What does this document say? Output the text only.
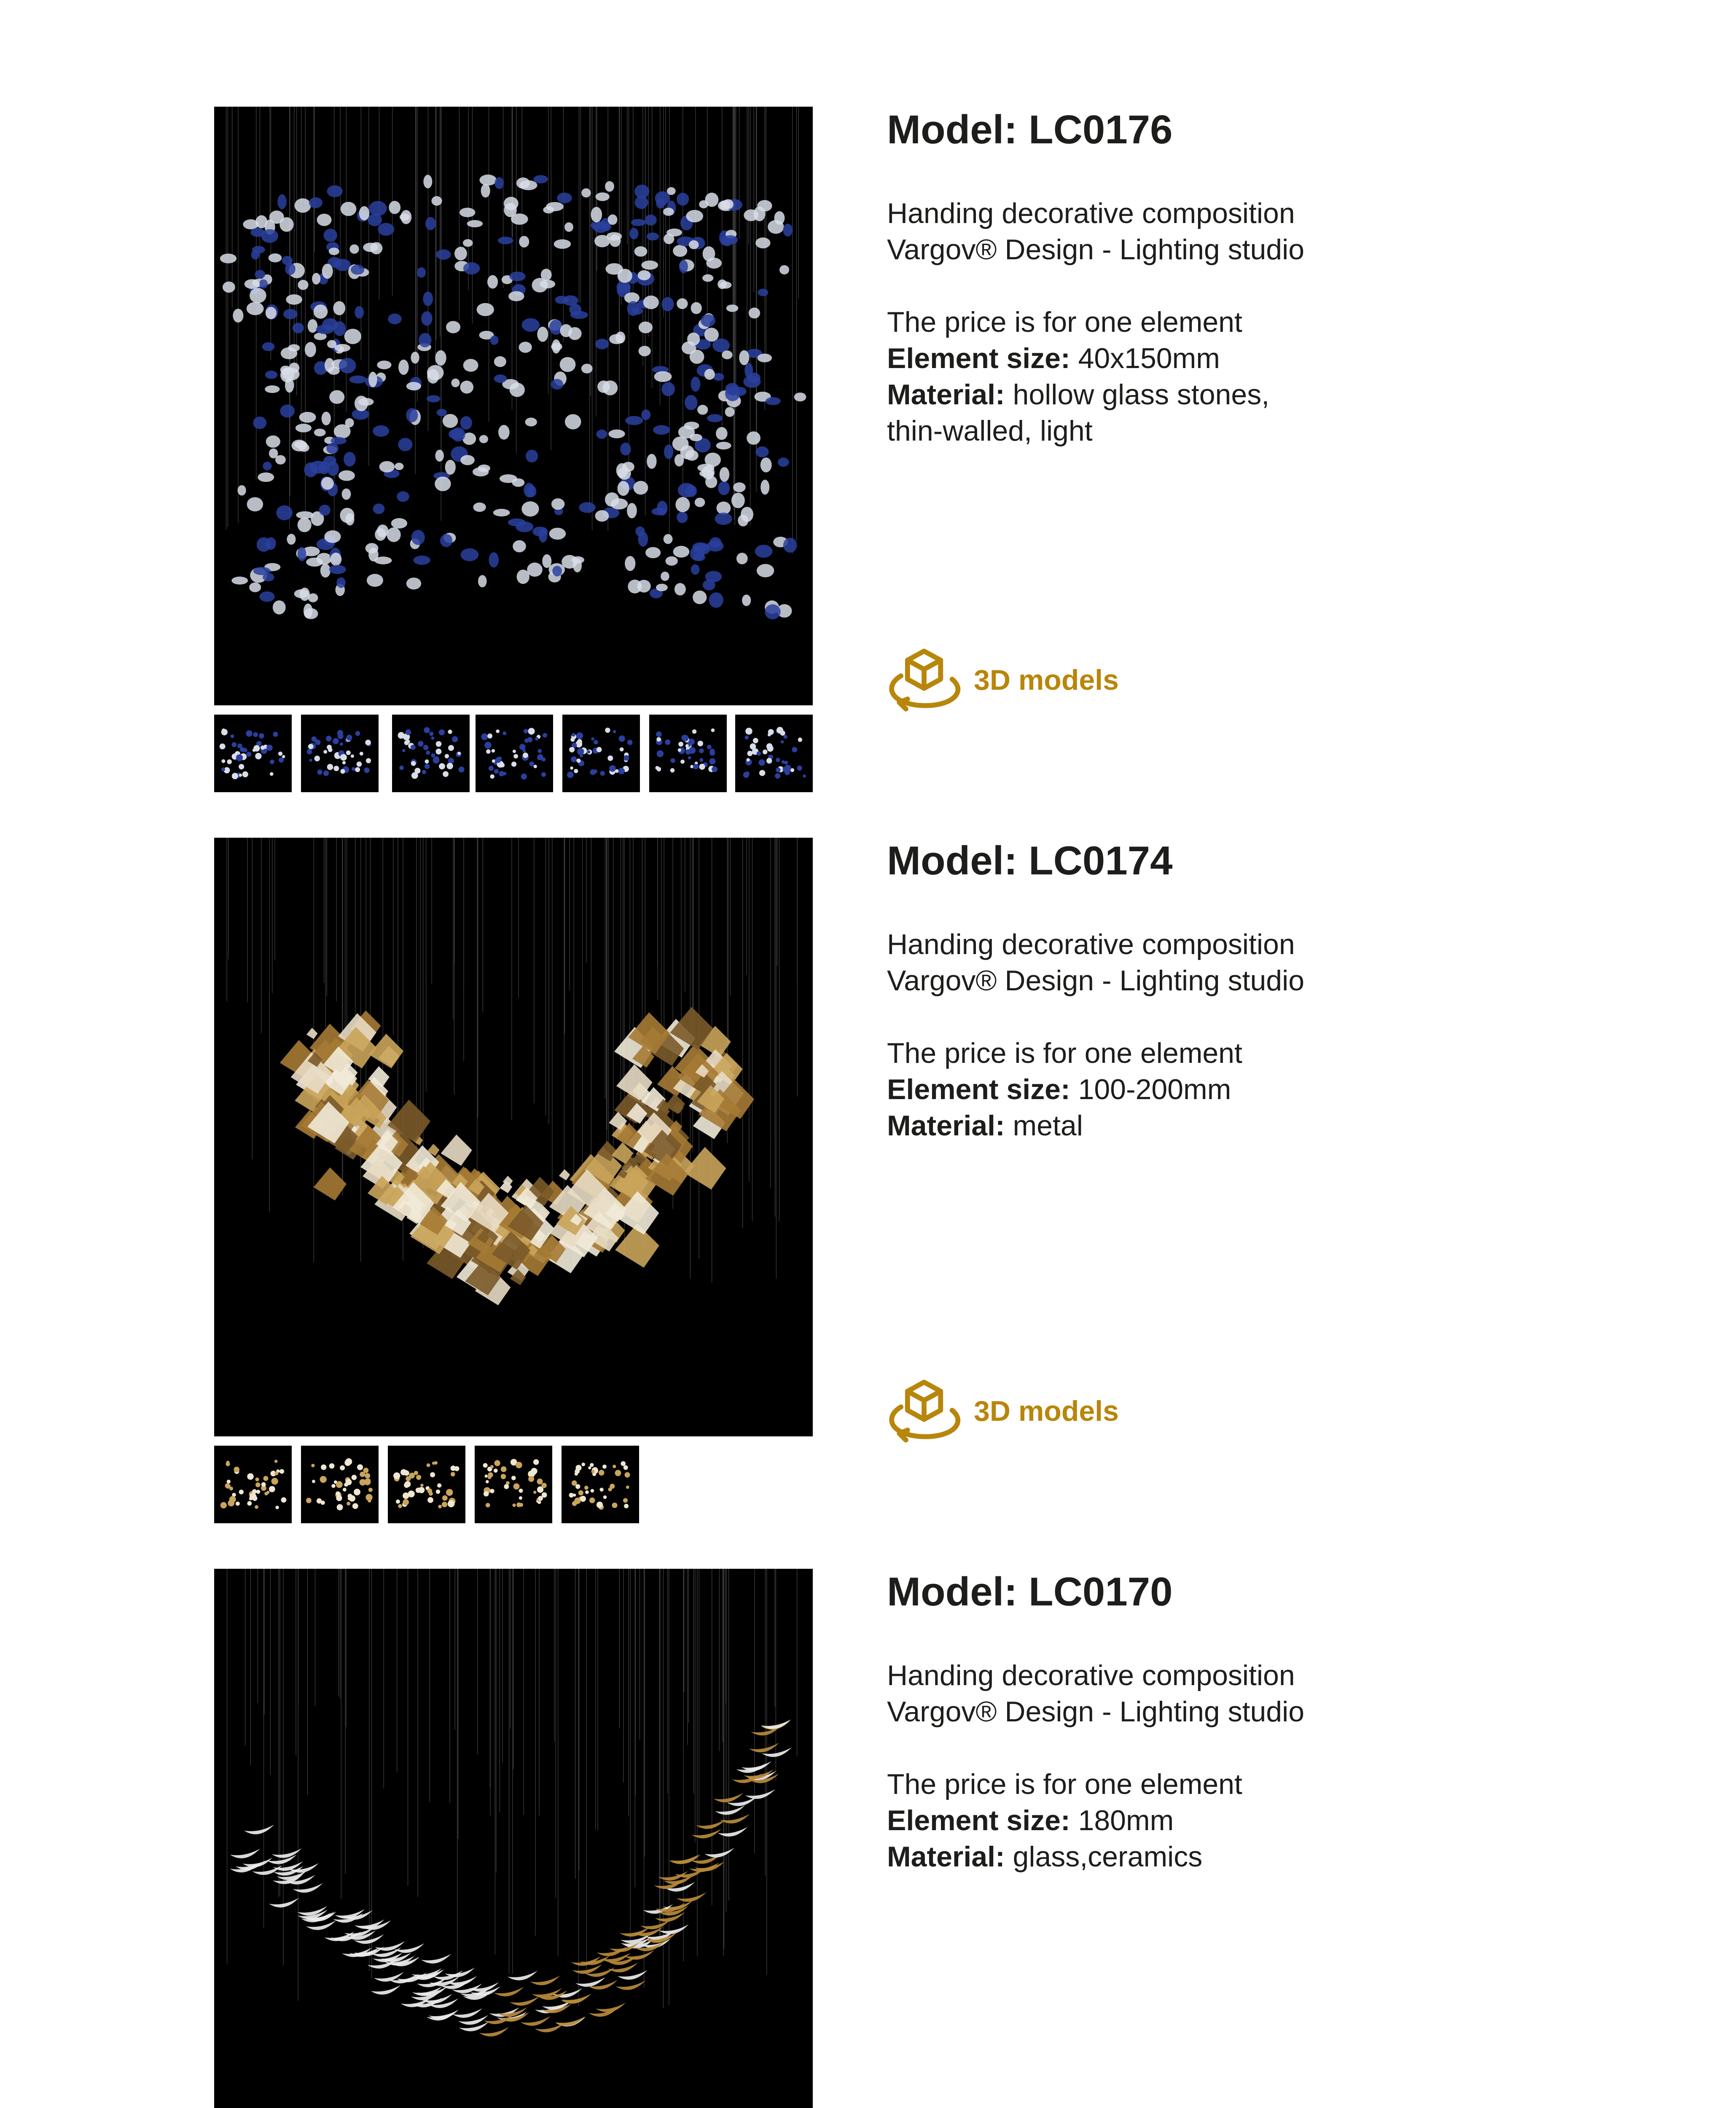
Model: LC0176
Handing decorative composition
Vargov® Design - Lighting studio
The price is for one element
Element size: 40x150mm
Material: hollow glass stones,
thin-walled, light
3D models
Model: LC0174
Handing decorative composition
Vargov® Design - Lighting studio
The price is for one element
Element size: 100-200mm
Material: metal
3D models
Model: LC0170
Handing decorative composition
Vargov® Design - Lighting studio
The price is for one element
Element size: 180mm
Material: glass,ceramics
